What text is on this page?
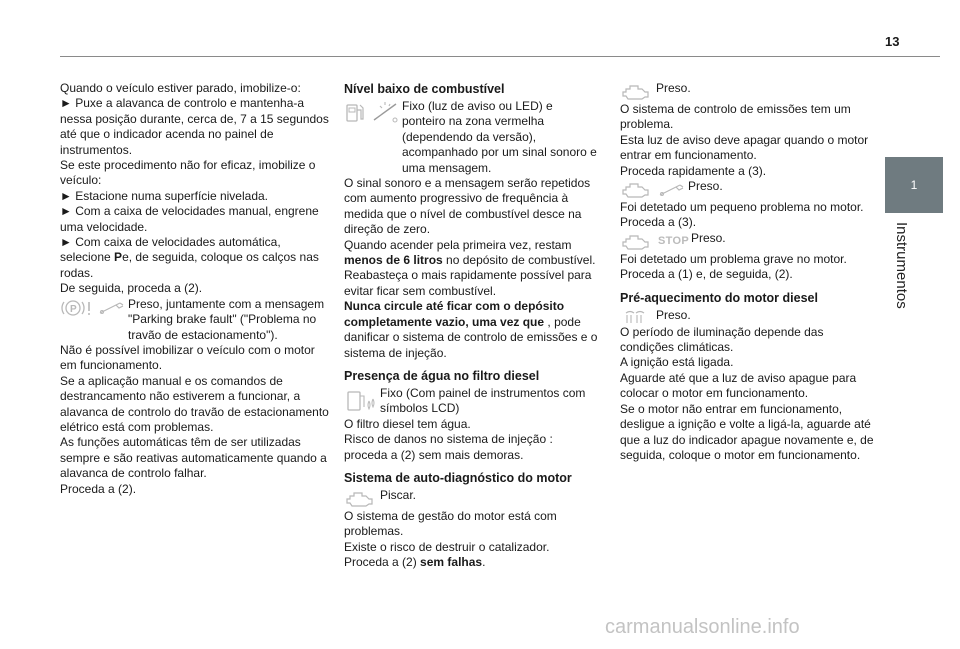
13
1
Instrumentos

Quando o veículo estiver parado, imobilize-o:

► Puxe a alavanca de controlo e mantenha-a nessa posição durante, cerca de, 7 a 15 segundos até que o indicador acenda no painel de instrumentos.

Se este procedimento não for eficaz, imobilize o veículo:

► Estacione numa superfície nivelada.

► Com a caixa de velocidades manual, engrene uma velocidade.

► Com caixa de velocidades automática, selecione Pe, de seguida, coloque os calços nas rodas.

De seguida, proceda a (2).

P	Preso, juntamente com a mensagem "Parking brake fault" ("Problema no travão de estacionamento").

Não é possível imobilizar o veículo com o motor em funcionamento.

Se a aplicação manual e os comandos de destrancamento não estiverem a funcionar, a alavanca de controlo do travão de estacionamento elétrico está com problemas.

As funções automáticas têm de ser utilizadas sempre e são reativas automaticamente quando a alavanca de controlo falhar.

Proceda a (2).

Nível baixo de combustível
Fixo (luz de aviso ou LED) e ponteiro na zona vermelha (dependendo da versão), acompanhado por um sinal sonoro e uma mensagem.

O sinal sonoro e a mensagem serão repetidos com aumento progressivo de frequência à medida que o nível de combustível desce na direção de zero.

Quando acender pela primeira vez, restam menos de 6 litros no depósito de combustível. Reabasteça o mais rapidamente possível para evitar ficar sem combustível.

Nunca circule até ficar com o depósito completamente vazio, uma vez que , pode danificar o sistema de controlo de emissões e o sistema de injeção.

Presença de água no filtro diesel
Fixo (Com painel de instrumentos com símbolos LCD)

O filtro diesel tem água.

Risco de danos no sistema de injeção : proceda a (2) sem mais demoras.

Sistema de auto-diagnóstico do motor
Piscar.

O sistema de gestão do motor está com problemas.

Existe o risco de destruir o catalizador.

Proceda a (2) sem falhas.

Preso.

O sistema de controlo de emissões tem um problema.

Esta luz de aviso deve apagar quando o motor entrar em funcionamento.

Proceda rapidamente a (3).

Preso.

Foi detetado um pequeno problema no motor.

Proceda a (3).

STOP Preso.

Foi detetado um problema grave no motor.

Proceda a (1) e, de seguida, (2).

Pré-aquecimento do motor diesel
Preso.

O período de iluminação depende das condições climáticas.

A ignição está ligada.

Aguarde até que a luz de aviso apague para colocar o motor em funcionamento.

Se o motor não entrar em funcionamento, desligue a ignição e volte a ligá-la, aguarde até que a luz do indicador apague novamente e, de seguida, coloque o motor em funcionamento.

carmanualsonline.info
